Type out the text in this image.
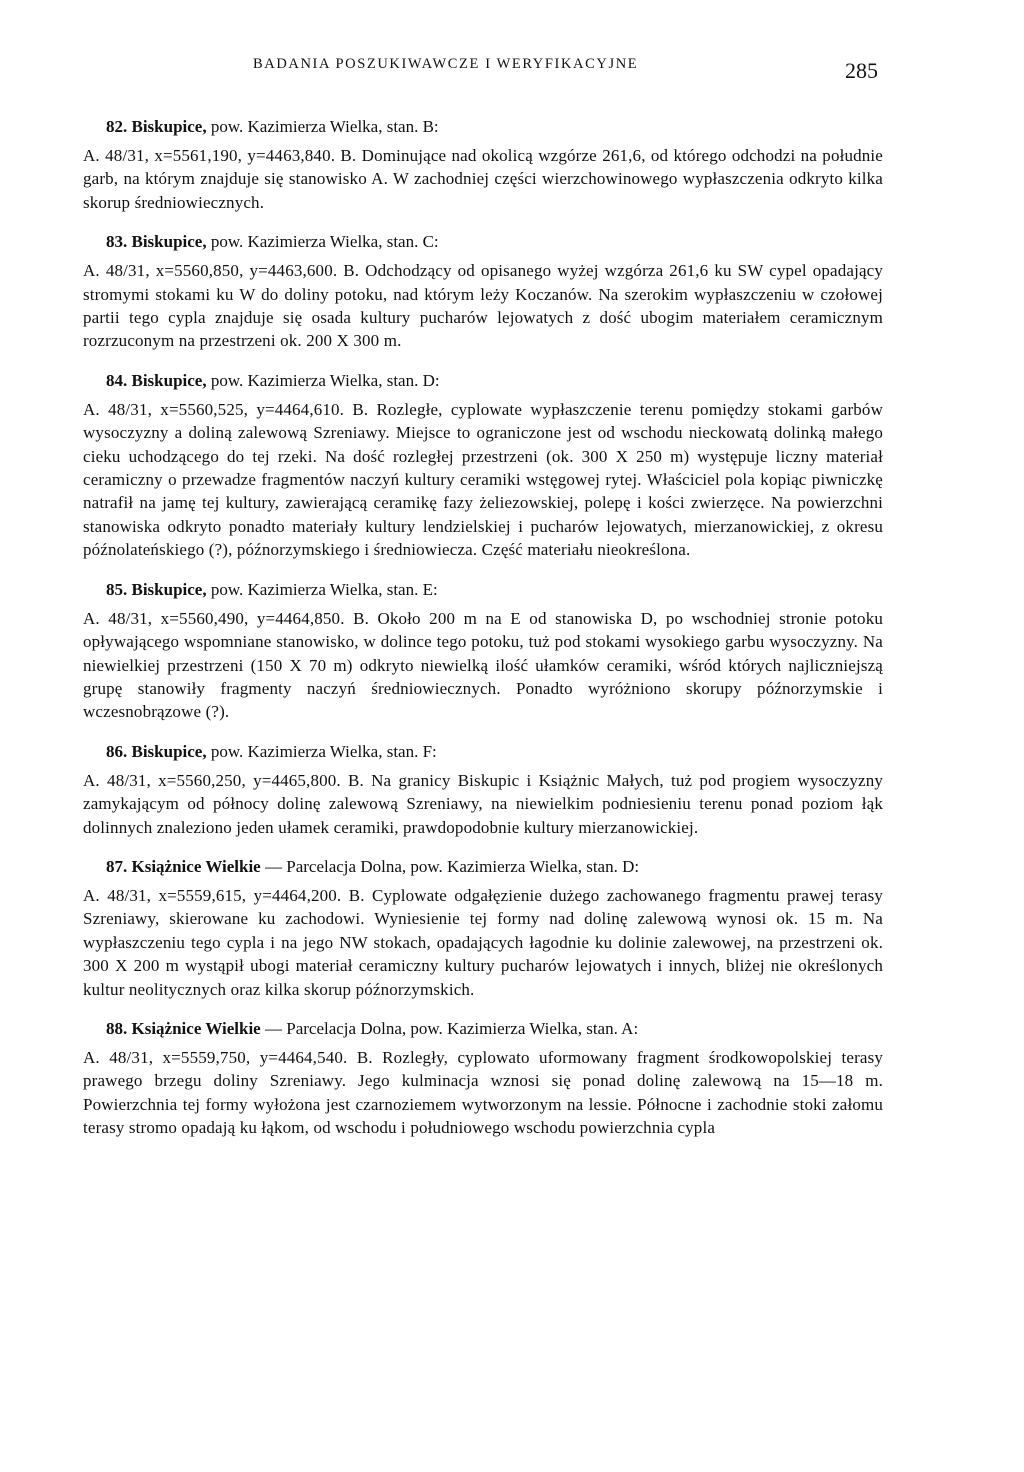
BADANIA POSZUKIWAWCZE I WERYFIKACYJNE	285

82. Biskupice, pow. Kazimierza Wielka, stan. B:

A. 48/31, x=5561,190, y=4463,840. B. Dominujące nad okolicą wzgórze 261,6, od którego odchodzi na południe garb, na którym znajduje się stanowisko A. W zachodniej części wierzchowinowego wypłaszczenia odkryto kilka skorup średniowiecznych.

83. Biskupice, pow. Kazimierza Wielka, stan. C:

A. 48/31, x=5560,850, y=4463,600. B. Odchodzący od opisanego wyżej wzgórza 261,6 ku SW cypel opadający stromymi stokami ku W do doliny potoku, nad którym leży Koczanów. Na szerokim wypłaszczeniu w czołowej partii tego cypla znajduje się osada kultury pucharów lejowatych z dość ubogim materiałem ceramicznym rozrzuconym na przestrzeni ok. 200 X 300 m.

84. Biskupice, pow. Kazimierza Wielka, stan. D:

A. 48/31, x=5560,525, y=4464,610. B. Rozległe, cyplowate wypłaszczenie terenu pomiędzy stokami garbów wysoczyzny a doliną zalewową Szreniawy. Miejsce to ograniczone jest od wschodu nieckowatą dolinką małego cieku uchodzącego do tej rzeki. Na dość rozległej przestrzeni (ok. 300 X 250 m) występuje liczny materiał ceramiczny o przewadze fragmentów naczyń kultury ceramiki wstęgowej rytej. Właściciel pola kopiąc piwniczkę natrafił na jamę tej kultury, zawierającą ceramikę fazy żeliezowskiej, polepę i kości zwierzęce. Na powierzchni stanowiska odkryto ponadto materiały kultury lendzielskiej i pucharów lejowatych, mierzanowickiej, z okresu późnolateńskiego (?), późnorzymskiego i średniowiecza. Część materiału nieokreślona.

85. Biskupice, pow. Kazimierza Wielka, stan. E:

A. 48/31, x=5560,490, y=4464,850. B. Około 200 m na E od stanowiska D, po wschodniej stronie potoku opływającego wspomniane stanowisko, w dolince tego potoku, tuż pod stokami wysokiego garbu wysoczyzny. Na niewielkiej przestrzeni (150 X 70 m) odkryto niewielką ilość ułamków ceramiki, wśród których najliczniejszą grupę stanowiły fragmenty naczyń średniowiecznych. Ponadto wyróżniono skorupy późnorzymskie i wczesnobrązowe (?).

86. Biskupice, pow. Kazimierza Wielka, stan. F:

A. 48/31, x=5560,250, y=4465,800. B. Na granicy Biskupic i Książnic Małych, tuż pod progiem wysoczyzny zamykającym od północy dolinę zalewową Szreniawy, na niewielkim podniesieniu terenu ponad poziom łąk dolinnych znaleziono jeden ułamek ceramiki, prawdopodobnie kultury mierzanowickiej.

87. Książnice Wielkie — Parcelacja Dolna, pow. Kazimierza Wielka, stan. D:

A. 48/31, x=5559,615, y=4464,200. B. Cyplowate odgałęzienie dużego zachowanego fragmentu prawej terasy Szreniawy, skierowane ku zachodowi. Wyniesienie tej formy nad dolinę zalewową wynosi ok. 15 m. Na wypłaszczeniu tego cypla i na jego NW stokach, opadających łagodnie ku dolinie zalewowej, na przestrzeni ok. 300 X 200 m wystąpił ubogi materiał ceramiczny kultury pucharów lejowatych i innych, bliżej nie określonych kultur neolitycznych oraz kilka skorup późnorzymskich.

88. Książnice Wielkie — Parcelacja Dolna, pow. Kazimierza Wielka, stan. A:

A. 48/31, x=5559,750, y=4464,540. B. Rozległy, cyplowato uformowany fragment środkowopolskiej terasy prawego brzegu doliny Szreniawy. Jego kulminacja wznosi się ponad dolinę zalewową na 15—18 m. Powierzchnia tej formy wyłożona jest czarnoziemem wytworzonym na lessie. Północne i zachodnie stoki załomu terasy stromo opadają ku łąkom, od wschodu i południowego wschodu powierzchnia cypla
